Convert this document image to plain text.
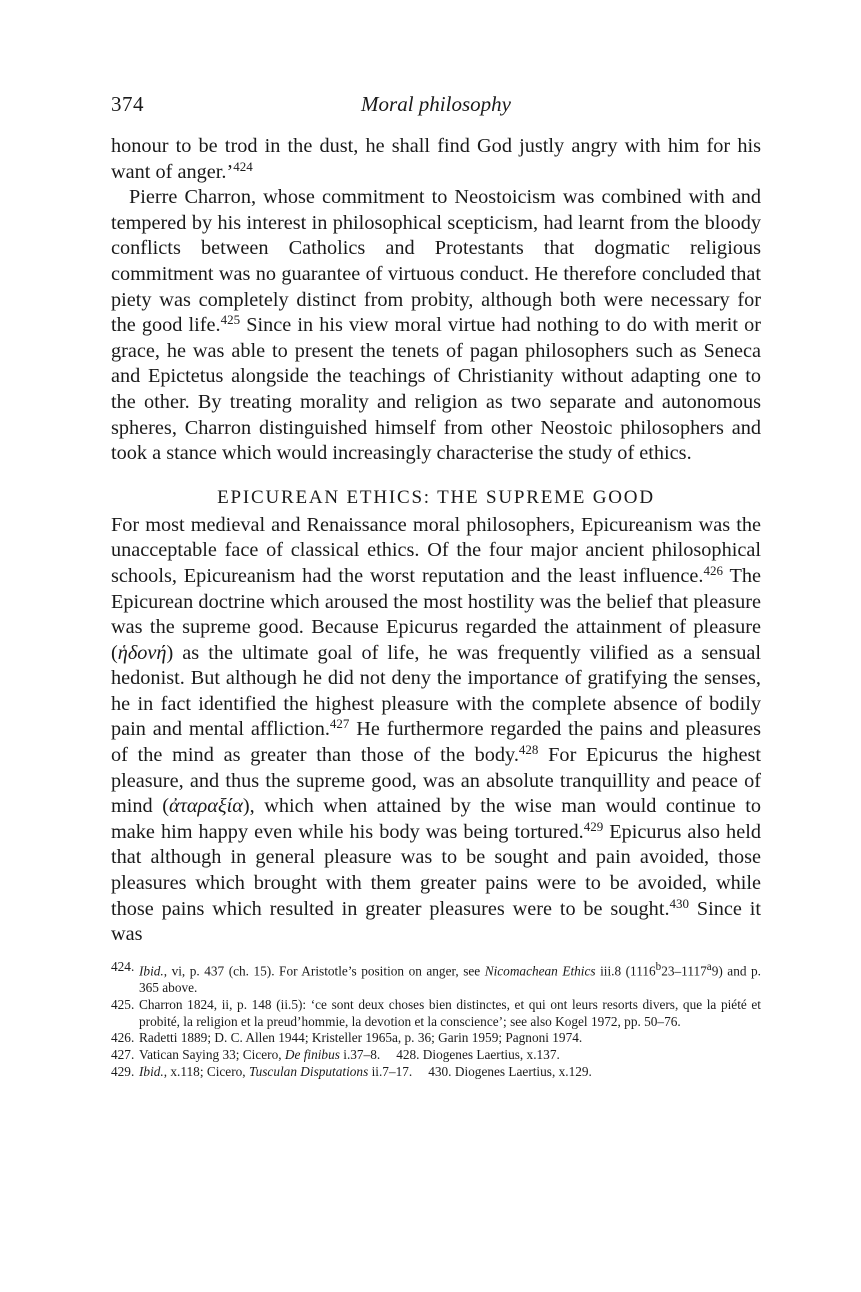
374	Moral philosophy

honour to be trod in the dust, he shall find God justly angry with him for his want of anger.’$^{424}$

Pierre Charron, whose commitment to Neostoicism was combined with and tempered by his interest in philosophical scepticism, had learnt from the bloody conflicts between Catholics and Protestants that dogmatic religious commitment was no guarantee of virtuous conduct. He therefore concluded that piety was completely distinct from probity, although both were necessary for the good life.$^{425}$ Since in his view moral virtue had nothing to do with merit or grace, he was able to present the tenets of pagan philosophers such as Seneca and Epictetus alongside the teachings of Christianity without adapting one to the other. By treating morality and religion as two separate and autonomous spheres, Charron distinguished himself from other Neostoic philosophers and took a stance which would increasingly characterise the study of ethics.

EPICUREAN ETHICS: THE SUPREME GOOD

For most medieval and Renaissance moral philosophers, Epicureanism was the unacceptable face of classical ethics. Of the four major ancient philosophical schools, Epicureanism had the worst reputation and the least influence.$^{426}$ The Epicurean doctrine which aroused the most hostility was the belief that pleasure was the supreme good. Because Epicurus regarded the attainment of pleasure (ἡδονή) as the ultimate goal of life, he was frequently vilified as a sensual hedonist. But although he did not deny the importance of gratifying the senses, he in fact identified the highest pleasure with the complete absence of bodily pain and mental affliction.$^{427}$ He furthermore regarded the pains and pleasures of the mind as greater than those of the body.$^{428}$ For Epicurus the highest pleasure, and thus the supreme good, was an absolute tranquillity and peace of mind (ἀταραξία), which when attained by the wise man would continue to make him happy even while his body was being tortured.$^{429}$ Epicurus also held that although in general pleasure was to be sought and pain avoided, those pleasures which brought with them greater pains were to be avoided, while those pains which resulted in greater pleasures were to be sought.$^{430}$ Since it was

424. Ibid., vi, p. 437 (ch. 15). For Aristotle’s position on anger, see Nicomachean Ethics iii.8 (1116$^b$23–1117$^a$9) and p. 365 above.
425. Charron 1824, ii, p. 148 (ii.5): ‘ce sont deux choses bien distinctes, et qui ont leurs resorts divers, que la piété et probité, la religion et la preud’hommie, la devotion et la conscience’; see also Kogel 1972, pp. 50–76.
426. Radetti 1889; D. C. Allen 1944; Kristeller 1965a, p. 36; Garin 1959; Pagnoni 1974.
427. Vatican Saying 33; Cicero, De finibus i.37–8. 428. Diogenes Laertius, x.137.
429. Ibid., x.118; Cicero, Tusculan Disputations ii.7–17. 430. Diogenes Laertius, x.129.
